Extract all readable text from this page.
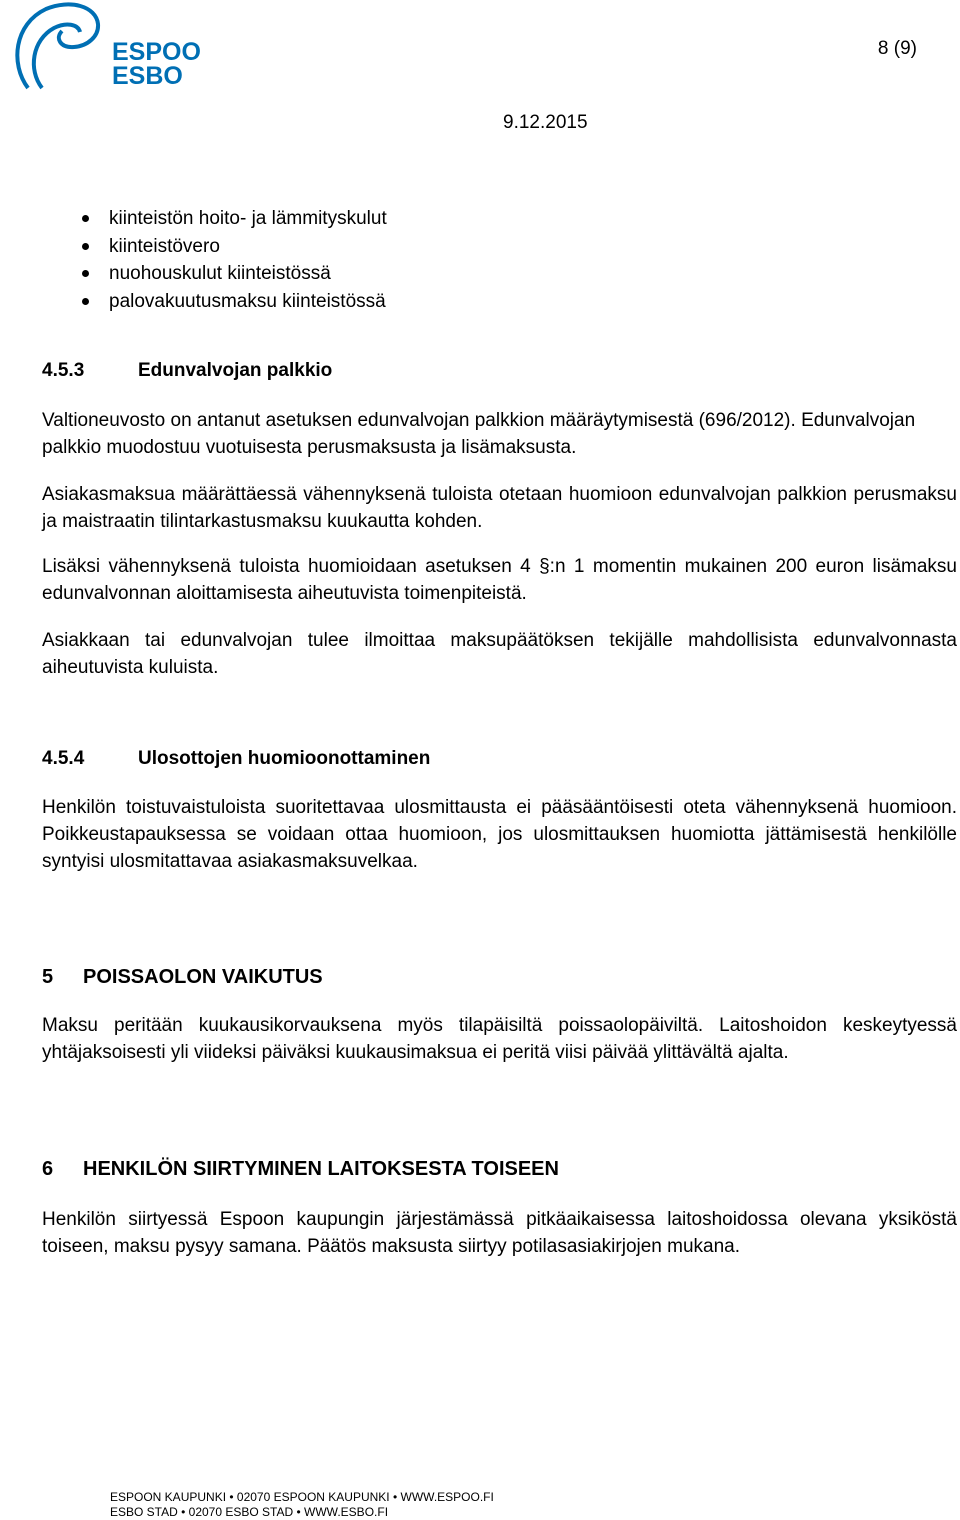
ESPOO
ESBO
8 (9)
9.12.2015
kiinteistön hoito- ja lämmityskulut
kiinteistövero
nuohouskulut kiinteistössä
palovakuutusmaksu kiinteistössä
4.5.3	Edunvalvojan palkkio

Valtioneuvosto on antanut asetuksen edunvalvojan palkkion määräytymisestä (696/2012). Edunvalvojan palkkio muodostuu vuotuisesta perusmaksusta ja lisämaksusta.

Asiakasmaksua määrättäessä vähennyksenä tuloista otetaan huomioon edunvalvojan palkkion perusmaksu ja maistraatin tilintarkastusmaksu kuukautta kohden.

Lisäksi vähennyksenä tuloista huomioidaan asetuksen 4 §:n 1 momentin mukainen 200 euron lisämaksu edunvalvonnan aloittamisesta aiheutuvista toimenpiteistä.

Asiakkaan tai edunvalvojan tulee ilmoittaa maksupäätöksen tekijälle mahdollisista edunvalvonnasta aiheutuvista kuluista.

4.5.4	Ulosottojen huomioonottaminen

Henkilön toistuvaistuloista suoritettavaa ulosmittausta ei pääsääntöisesti oteta vähennyksenä huomioon. Poikkeustapauksessa se voidaan ottaa huomioon, jos ulosmittauksen huomiotta jättämisestä henkilölle syntyisi ulosmitattavaa asiakasmaksuvelkaa.

5 POISSAOLON VAIKUTUS

Maksu peritään kuukausikorvauksena myös tilapäisiltä poissaolopäiviltä. Laitoshoidon keskeytyessä yhtäjaksoisesti yli viideksi päiväksi kuukausimaksua ei peritä viisi päivää ylittävältä ajalta.

6 HENKILÖN SIIRTYMINEN LAITOKSESTA TOISEEN

Henkilön siirtyessä Espoon kaupungin järjestämässä pitkäaikaisessa laitoshoidossa olevana yksiköstä toiseen, maksu pysyy samana. Päätös maksusta siirtyy potilasasiakirjojen mukana.

ESPOON KAUPUNKI • 02070 ESPOON KAUPUNKI • WWW.ESPOO.FI
ESBO STAD • 02070 ESBO STAD • WWW.ESBO.FI
